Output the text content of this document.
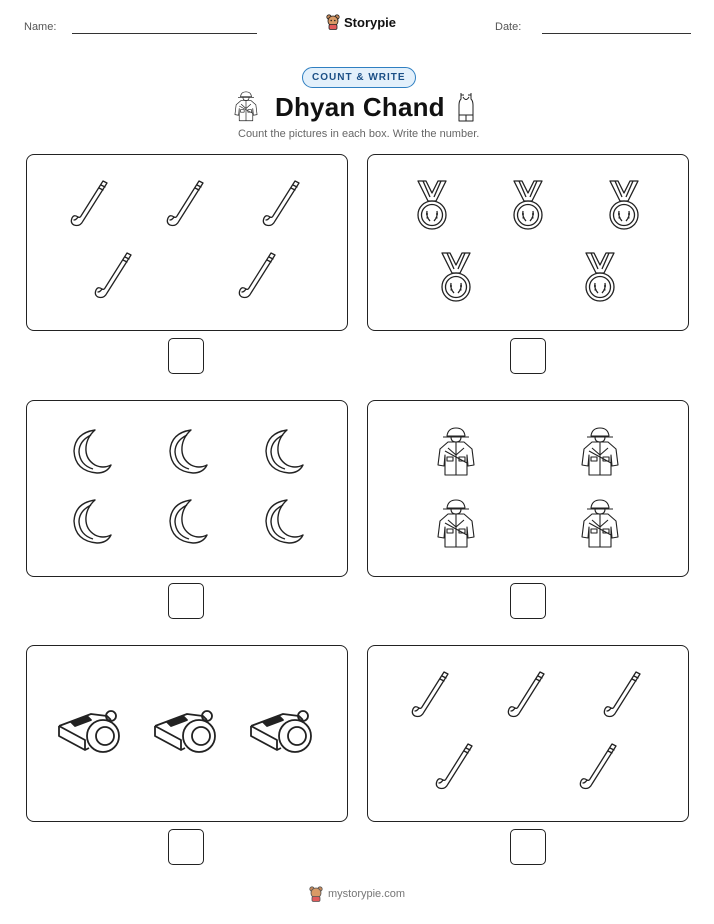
Name:	Storypie	Date:
COUNT & WRITE
Dhyan Chand
Count the pictures in each box. Write the number.
mystorypie.com
